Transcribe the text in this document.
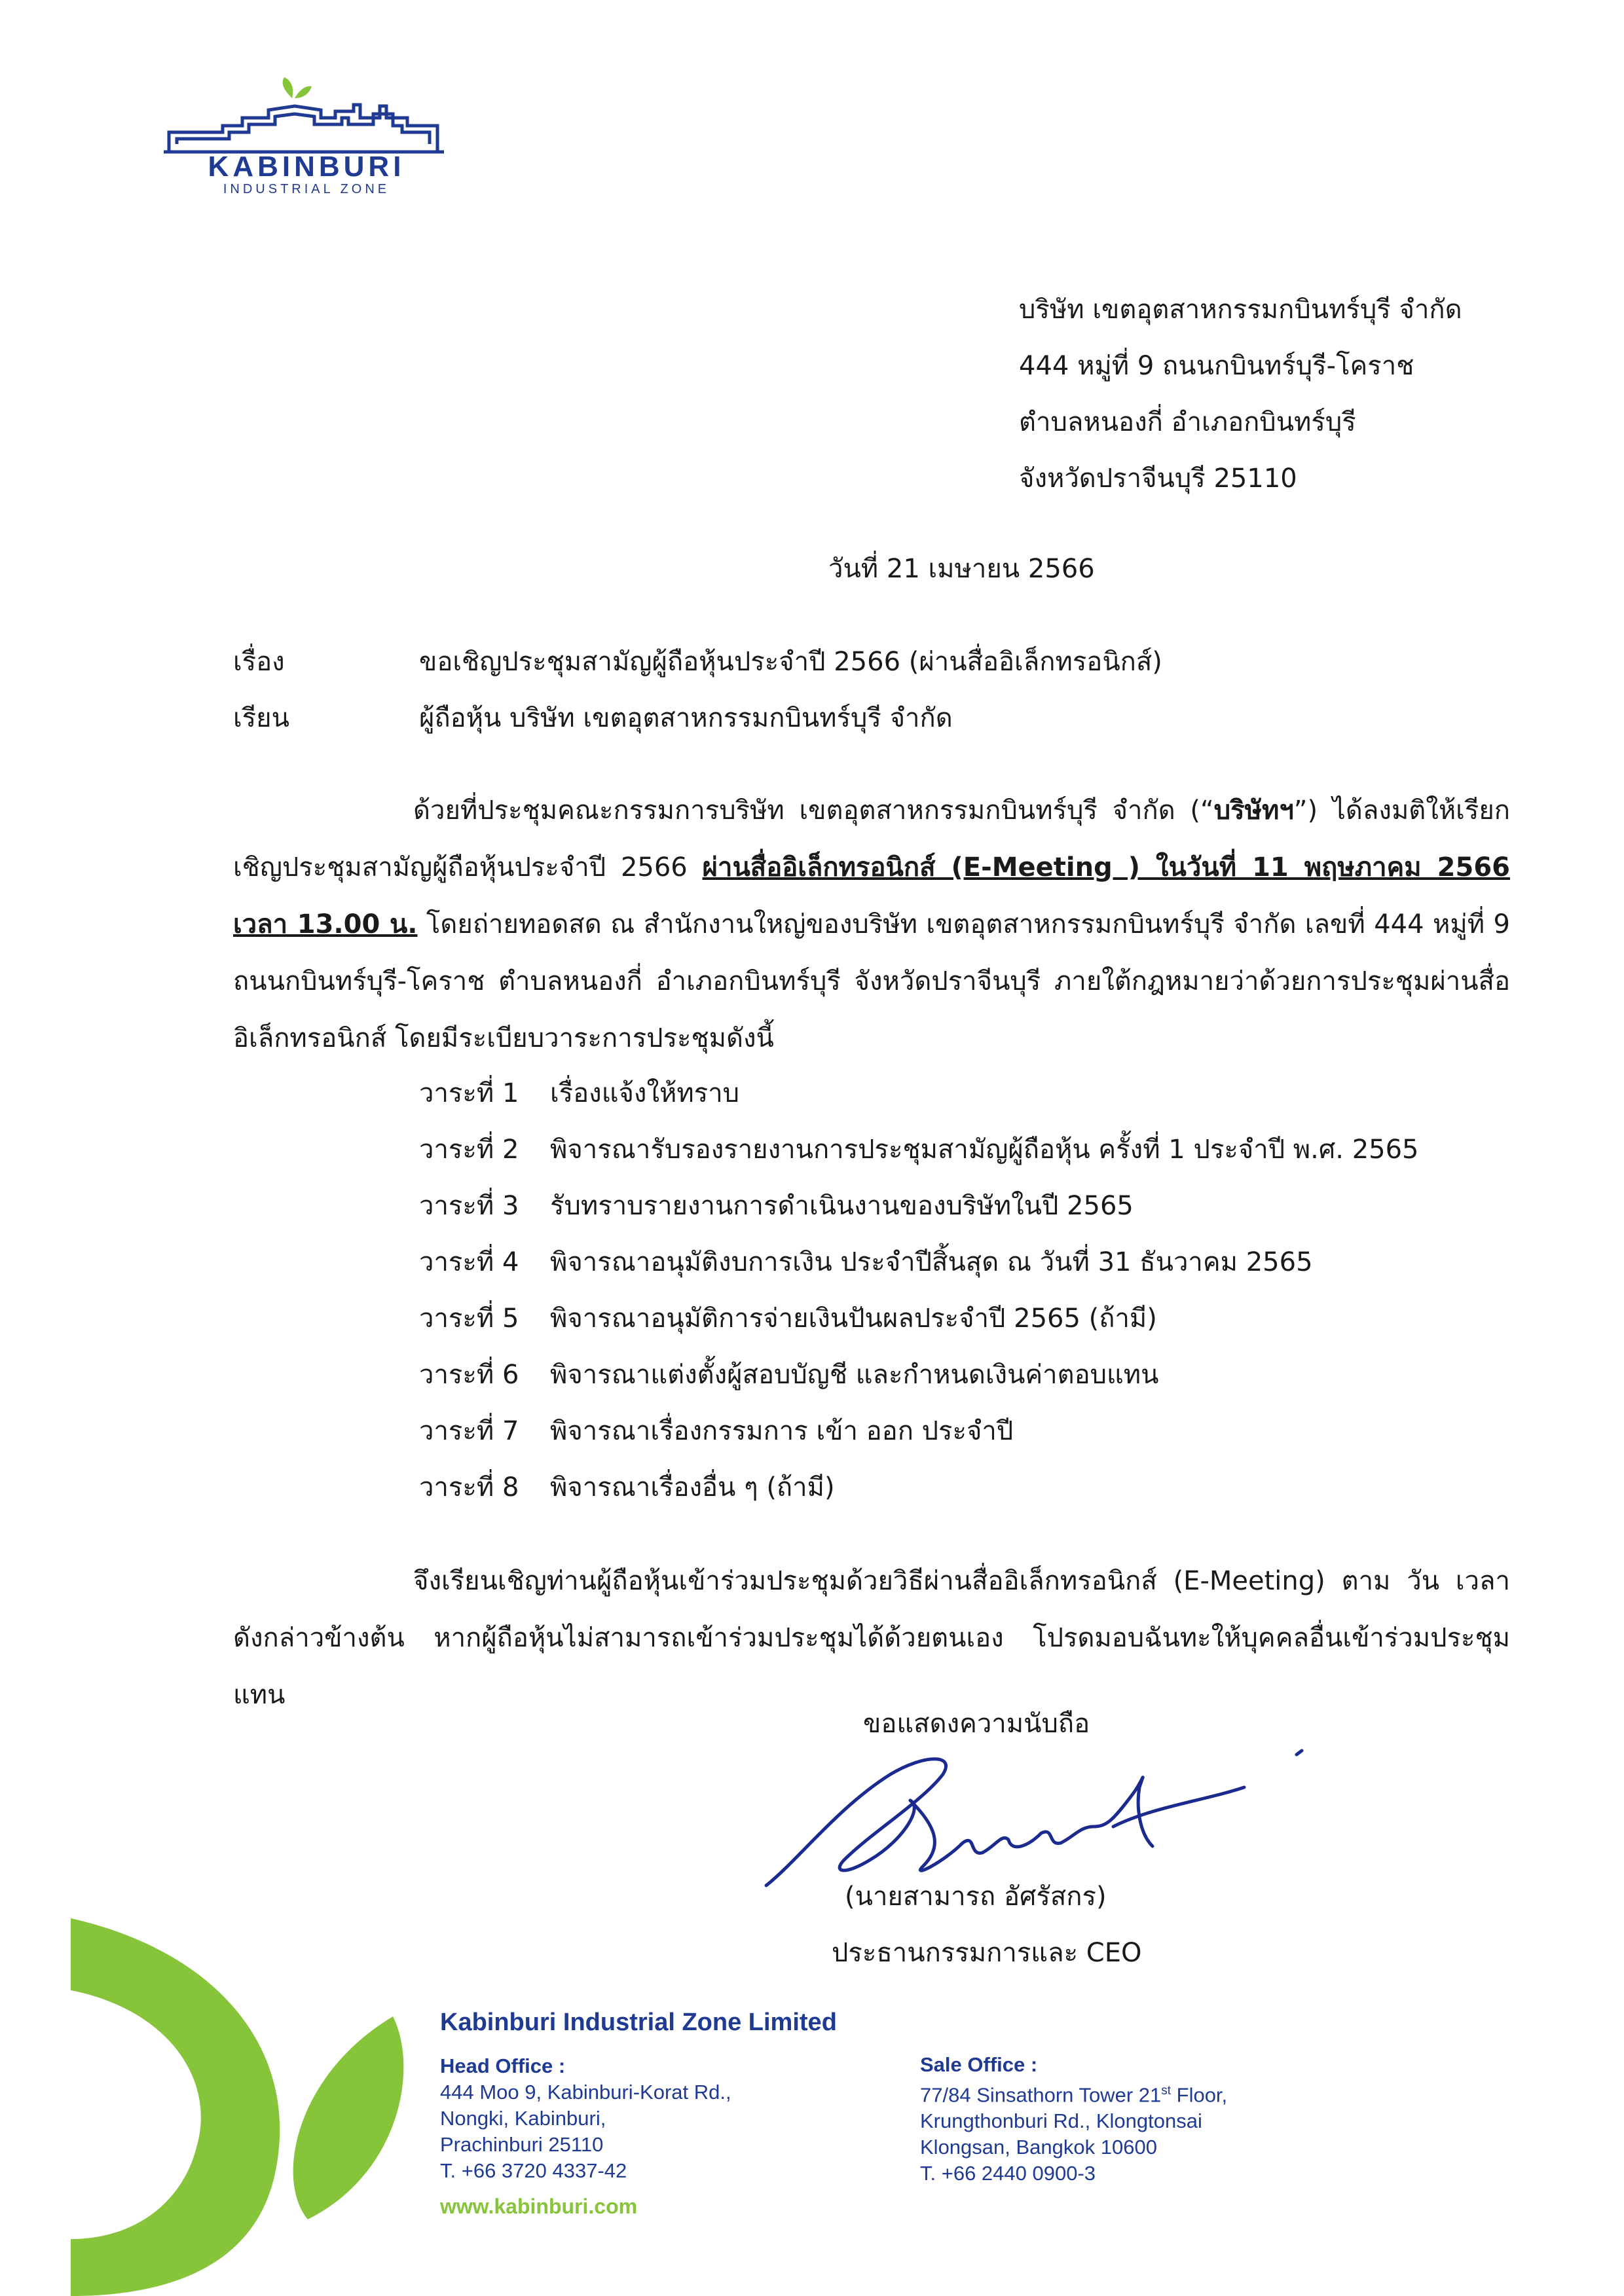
KABINBURI
INDUSTRIAL ZONE
บริษัท เขตอุตสาหกรรมกบินทร์บุรี จำกัด
444 หมู่ที่ 9 ถนนกบินทร์บุรี-โคราช
ตำบลหนองกี่ อำเภอกบินทร์บุรี
จังหวัดปราจีนบุรี 25110
วันที่ 21 เมษายน 2566
เรื่อง	ขอเชิญประชุมสามัญผู้ถือหุ้นประจำปี 2566 (ผ่านสื่ออิเล็กทรอนิกส์)
เรียน	ผู้ถือหุ้น บริษัท เขตอุตสาหกรรมกบินทร์บุรี จำกัด
ด้วยที่ประชุมคณะกรรมการบริษัท เขตอุตสาหกรรมกบินทร์บุรี จำกัด (“บริษัทฯ”) ได้ลงมติให้เรียกเชิญประชุมสามัญผู้ถือหุ้นประจำปี 2566 ผ่านสื่ออิเล็กทรอนิกส์ (E-Meeting ) ในวันที่ 11 พฤษภาคม 2566 เวลา 13.00 น. โดยถ่ายทอดสด ณ สำนักงานใหญ่ของบริษัท เขตอุตสาหกรรมกบินทร์บุรี จำกัด เลขที่ 444 หมู่ที่ 9 ถนนกบินทร์บุรี-โคราช ตำบลหนองกี่ อำเภอกบินทร์บุรี จังหวัดปราจีนบุรี ภายใต้กฎหมายว่าด้วยการประชุมผ่านสื่ออิเล็กทรอนิกส์ โดยมีระเบียบวาระการประชุมดังนี้
วาระที่ 1 เรื่องแจ้งให้ทราบ
วาระที่ 2 พิจารณารับรองรายงานการประชุมสามัญผู้ถือหุ้น ครั้งที่ 1 ประจำปี พ.ศ. 2565
วาระที่ 3 รับทราบรายงานการดำเนินงานของบริษัทในปี 2565
วาระที่ 4 พิจารณาอนุมัติงบการเงิน ประจำปีสิ้นสุด ณ วันที่ 31 ธันวาคม 2565
วาระที่ 5 พิจารณาอนุมัติการจ่ายเงินปันผลประจำปี 2565 (ถ้ามี)
วาระที่ 6 พิจารณาแต่งตั้งผู้สอบบัญชี และกำหนดเงินค่าตอบแทน
วาระที่ 7 พิจารณาเรื่องกรรมการ เข้า ออก ประจำปี
วาระที่ 8 พิจารณาเรื่องอื่น ๆ (ถ้ามี)
จึงเรียนเชิญท่านผู้ถือหุ้นเข้าร่วมประชุมด้วยวิธีผ่านสื่ออิเล็กทรอนิกส์ (E-Meeting) ตาม วัน เวลา ดังกล่าวข้างต้น หากผู้ถือหุ้นไม่สามารถเข้าร่วมประชุมได้ด้วยตนเอง โปรดมอบฉันทะให้บุคคลอื่นเข้าร่วมประชุมแทน
ขอแสดงความนับถือ
(นายสามารถ อัศรัสกร)
ประธานกรรมการและ CEO
Kabinburi Industrial Zone Limited
Head Office :
444 Moo 9, Kabinburi-Korat Rd.,
Nongki, Kabinburi,
Prachinburi 25110
T. +66 3720 4337-42
Sale Office :
77/84 Sinsathorn Tower 21st Floor,
Krungthonburi Rd., Klongtonsai
Klongsan, Bangkok 10600
T. +66 2440 0900-3
www.kabinburi.com
